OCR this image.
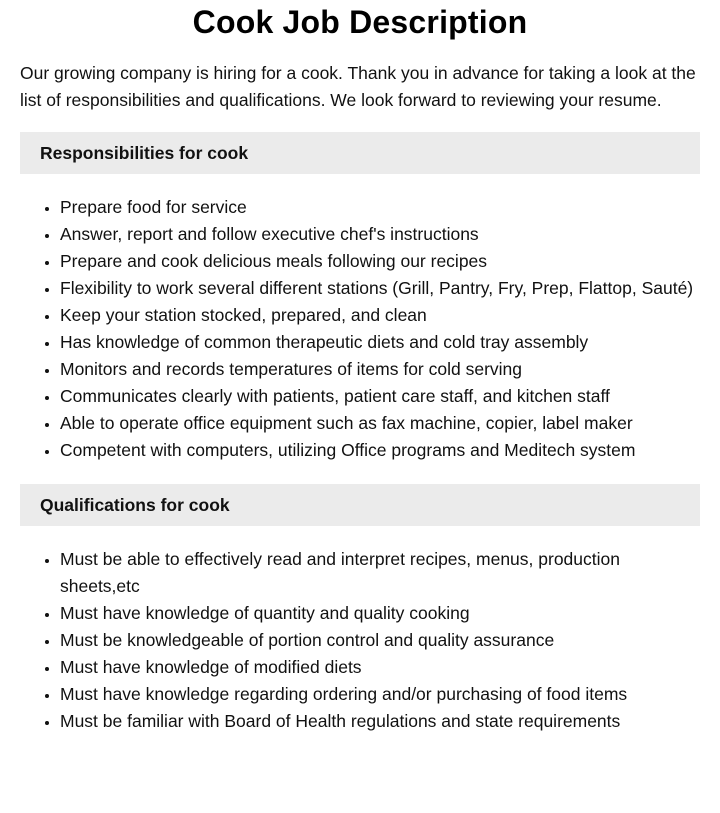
Cook Job Description

Our growing company is hiring for a cook. Thank you in advance for taking a look at the list of responsibilities and qualifications. We look forward to reviewing your resume.

Responsibilities for cook
• Prepare food for service
• Answer, report and follow executive chef's instructions
• Prepare and cook delicious meals following our recipes
• Flexibility to work several different stations (Grill, Pantry, Fry, Prep, Flattop, Sauté)
• Keep your station stocked, prepared, and clean
• Has knowledge of common therapeutic diets and cold tray assembly
• Monitors and records temperatures of items for cold serving
• Communicates clearly with patients, patient care staff, and kitchen staff
• Able to operate office equipment such as fax machine, copier, label maker
• Competent with computers, utilizing Office programs and Meditech system
Qualifications for cook
• Must be able to effectively read and interpret recipes, menus, production sheets,etc
• Must have knowledge of quantity and quality cooking
• Must be knowledgeable of portion control and quality assurance
• Must have knowledge of modified diets
• Must have knowledge regarding ordering and/or purchasing of food items
• Must be familiar with Board of Health regulations and state requirements
